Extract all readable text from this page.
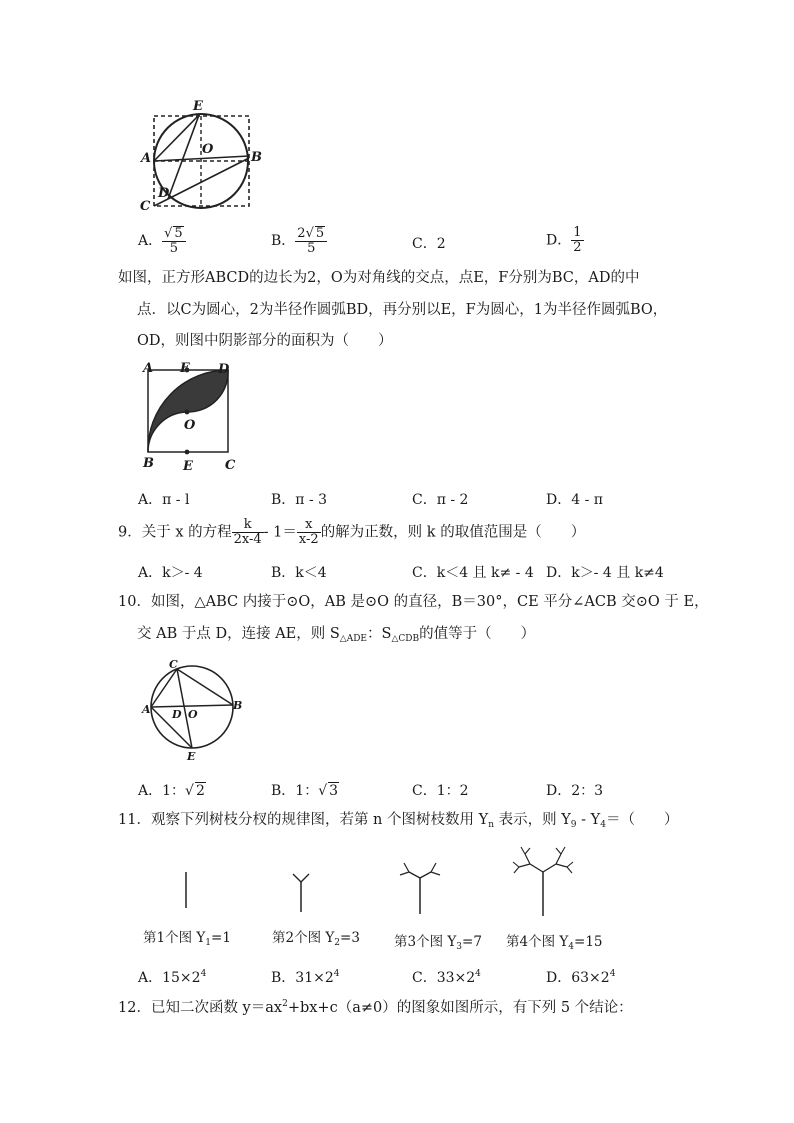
E
O
A	B
D
C
A． $\frac{√ 5}{5}$	B． $\frac{2√ 5}{5}$	C．2	D． $\frac{1}{2}$
如图，正方形ABCD的边长为2，O为对角线的交点，点E，F分别为BC，AD的中
点．以C为圆心，2为半径作圆弧BD，再分别以E，F为圆心，1为半径作圆弧BO，
OD，则图中阴影部分的面积为（　　）
A F D
O
B E C
A．π - l	B．π - 3	C．π - 2	D．4 - π
9．关于 x 的方程 $\frac{k}{2x-4} - 1= \frac{x}{x-2}$ 的解为正数，则 k 的取值范围是（　　）
A．k＞- 4	B．k＜4	C．k＜4 且 k≠ - 4 D．k＞- 4 且 k≠4
10．如图，△ABC 内接于⊙O，AB 是⊙O 的直径，B＝30°，CE 平分∠ACB 交⊙O 于 E，
交 AB 于点 D，连接 AE，则 $S_{\triangle ADE}$：$S_{\triangle CDB}$的值等于（　　）
C
A D O
B
E
A．1：√ 2	B．1：√ 3	C．1：2	D．2：3
11．观察下列树枝分杈的规律图，若第 n 个图树枝数用 $Y_n$ 表示，则 $Y_9 - Y_4=$（　　）
第1个图 $Y_1=1$	第2个图 $Y_2=3$	第3个图 $Y_3=7$ 第4个图 $Y_4=15$
A．$15\times 2^4$	B．$31\times 2^4$	C．$33\times 2^4$	D．$63\times 2^4$
12．已知二次函数 $y=ax^2+bx+c(a\ne 0)$的图象如图所示，有下列 5 个结论：
